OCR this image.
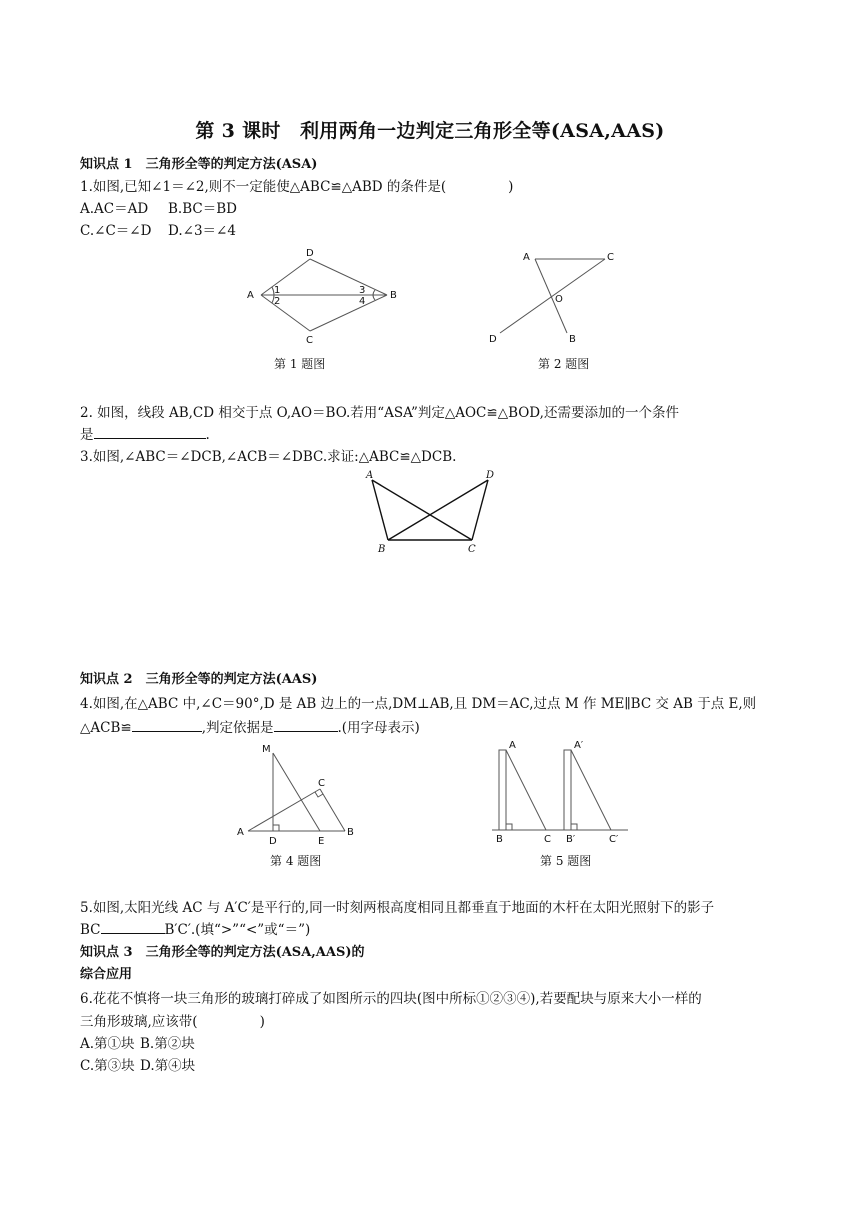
第 3 课时　利用两角一边判定三角形全等(ASA,AAS)
知识点 1　三角形全等的判定方法(ASA)
1.如图,已知∠1＝∠2,则不一定能使△ABC≌△ABD 的条件是(	)
A.AC＝AD B.BC＝BD
C.∠C＝∠D D.∠3＝∠4
A	B
C
D
1
2
3
4
第 1 题图
A	C
O
D	B
第 2 题图
2. 如图，线段 AB,CD 相交于点 O,AO＝BO.若用“ASA”判定△AOC≌△BOD,还需要添加的一个条件
是	.
3.如图,∠ABC＝∠DCB,∠ACB＝∠DBC.求证:△ABC≌△DCB.
A	D
B	C
知识点 2　三角形全等的判定方法(AAS)
4.如图,在△ABC 中,∠C＝90°,D 是 AB 边上的一点,DM⊥AB,且 DM＝AC,过点 M 作 ME∥BC 交 AB 于点 E,则
△ACB≌	,判定依据是	.(用字母表示)
A	B
C
D	E
M
第 4 题图
A
B	C
A′
B′	C′
第 5 题图
5.如图,太阳光线 AC 与 A′C′是平行的,同一时刻两根高度相同且都垂直于地面的木杆在太阳光照射下的影子
BC	B′C′.(填“>”“<”或“＝”)
知识点 3　三角形全等的判定方法(ASA,AAS)的
综合应用
6.花花不慎将一块三角形的玻璃打碎成了如图所示的四块(图中所标①②③④),若要配块与原来大小一样的
三角形玻璃,应该带(	)
A.第①块 B.第②块
C.第③块 D.第④块
